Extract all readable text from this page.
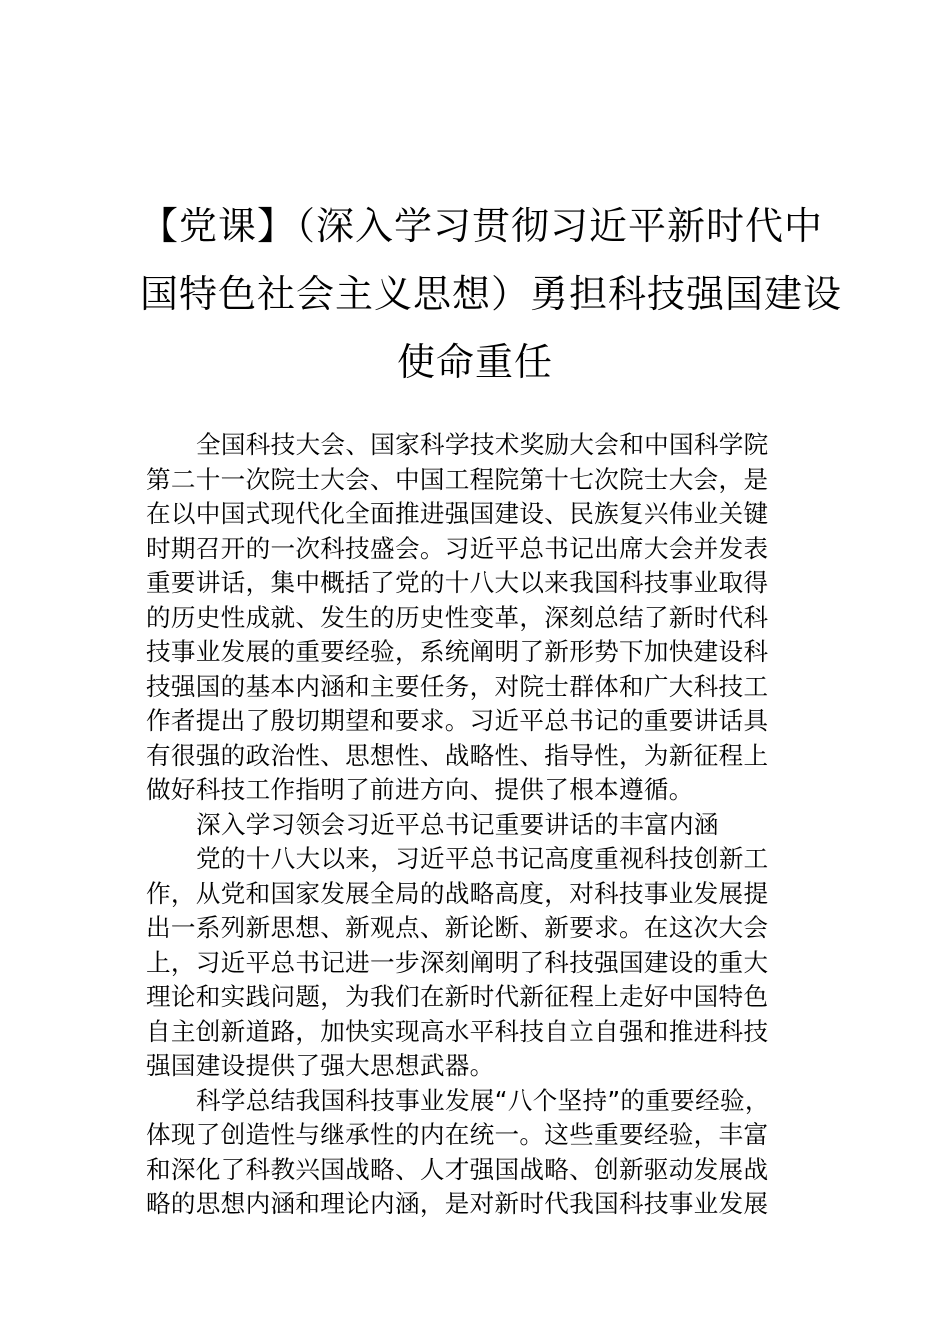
【党课】（深入学习贯彻习近平新时代中
国特色社会主义思想）勇担科技强国建设
使命重任
全国科技大会、国家科学技术奖励大会和中国科学院
第二十一次院士大会、中国工程院第十七次院士大会，是
在以中国式现代化全面推进强国建设、民族复兴伟业关键
时期召开的一次科技盛会。习近平总书记出席大会并发表
重要讲话，集中概括了党的十八大以来我国科技事业取得
的历史性成就、发生的历史性变革，深刻总结了新时代科
技事业发展的重要经验，系统阐明了新形势下加快建设科
技强国的基本内涵和主要任务，对院士群体和广大科技工
作者提出了殷切期望和要求。习近平总书记的重要讲话具
有很强的政治性、思想性、战略性、指导性，为新征程上
做好科技工作指明了前进方向、提供了根本遵循。
深入学习领会习近平总书记重要讲话的丰富内涵
党的十八大以来，习近平总书记高度重视科技创新工
作，从党和国家发展全局的战略高度，对科技事业发展提
出一系列新思想、新观点、新论断、新要求。在这次大会
上，习近平总书记进一步深刻阐明了科技强国建设的重大
理论和实践问题，为我们在新时代新征程上走好中国特色
自主创新道路，加快实现高水平科技自立自强和推进科技
强国建设提供了强大思想武器。
科学总结我国科技事业发展“八个坚持”的重要经验，
体现了创造性与继承性的内在统一。这些重要经验，丰富
和深化了科教兴国战略、人才强国战略、创新驱动发展战
略的思想内涵和理论内涵，是对新时代我国科技事业发展
